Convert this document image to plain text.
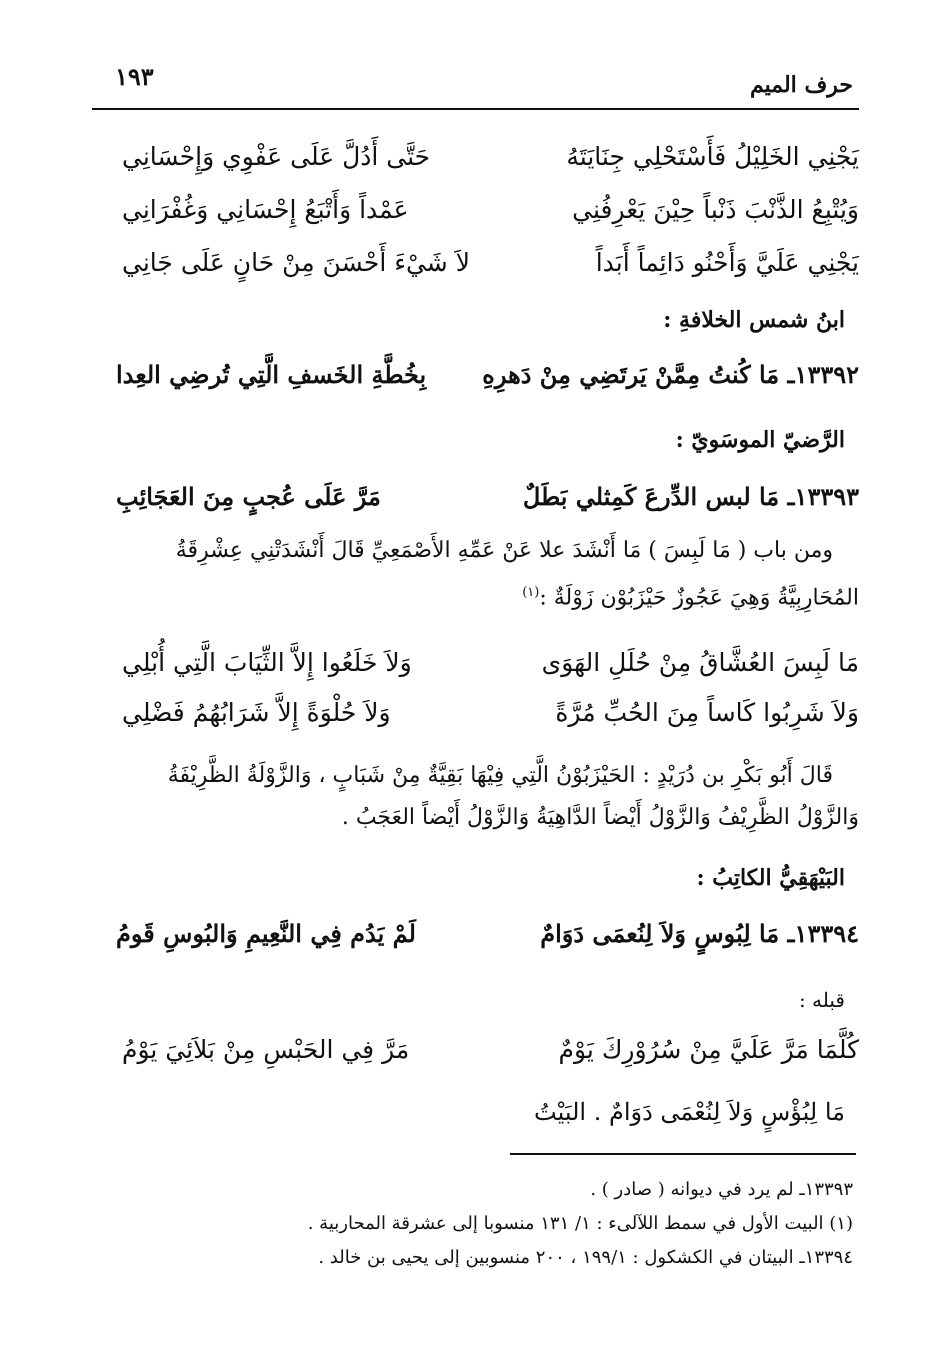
حرف الميم
١٩٣
يَجْنِي الخَلِيْلُ فَأَسْتَحْلِي جِنَايَتَهُ
حَتَّى أَدُلَّ عَلَى عَفْوِي وَإِحْسَانِي
وَيُتْبِعُ الذَّنْبَ ذَنْباً حِيْنَ يَعْرِفُنِي
عَمْداً وَأَتْبَعُ إِحْسَانِي وَغُفْرَانِي
يَجْنِي عَلَيَّ وَأَحْنُو دَائِماً أَبَداً
لاَ شَيْءَ أَحْسَنَ مِنْ حَانٍ عَلَى جَانِي
ابنُ شمس الخلافةِ :
١٣٣٩٢ـ مَا كُنتُ مِمَّنْ يَرتَضِي مِنْ دَهرِهِ
بِخُطَّةِ الخَسفِ الَّتِي تُرضِي العِدا
الرَّضيّ الموسَويّ :
١٣٣٩٣ـ مَا لبس الدِّرعَ كَمِثلي بَطَلٌ
مَرَّ عَلَى عُجبٍ مِنَ العَجَائِبِ
ومن باب ( مَا لَبِسَ ) مَا أَنْشَدَ علا عَنْ عَمِّهِ الأَصْمَعِيِّ قَالَ أَنْشَدَتْنِي عِشْرِقَةُ
المُحَارِبِيَّةُ وَهِيَ عَجُوزٌ حَيْزَبُوْن زَوْلَةٌ :$^{(١)}$
مَا لَبِسَ العُشَّاقُ مِنْ حُلَلِ الهَوَى
وَلاَ خَلَعُوا إِلاَّ الثِّيَابَ الَّتِي أُبْلِي
وَلاَ شَرِبُوا كَاساً مِنَ الحُبِّ مُرَّةً
وَلاَ حُلْوَةً إِلاَّ شَرَابُهُمُ فَضْلِي
قَالَ أَبُو بَكْرِ بن دُرَيْدٍ : الحَيْزَبُوْنُ الَّتِي فِيْهَا بَقِيَّةٌ مِنْ شَبَابٍ ، وَالزَّوْلَةُ الظَّرِيْفَةُ
وَالزَّوْلُ الظَّرِيْفُ وَالزَّوْلُ أَيْضاً الدَّاهِيَةُ وَالزَّوْلُ أَيْضاً العَجَبُ .
البَيْهَقِيُّ الكاتِبُ :
١٣٣٩٤ـ مَا لِبُوسٍ وَلاَ لِنُعمَى دَوَامٌ
لَمْ يَدُم فِي النَّعِيمِ وَالبُوسِ قَومُ
قبله :
كُلَّمَا مَرَّ عَلَيَّ مِنْ سُرُوْرِكَ يَوْمٌ
مَرَّ فِي الحَبْسِ مِنْ بَلاَئِيَ يَوْمُ
مَا لِبُؤْسٍ وَلاَ لِنُعْمَى دَوَامٌ . البَيْتُ
١٣٣٩٣ـ لم يرد في ديوانه ( صادر ) .
(١) البيت الأول في سمط اللآلىء : ١/ ١٣١ منسوبا إلى عشرقة المحاربية .
١٣٣٩٤ـ البيتان في الكشكول : ١٩٩/١ ، ٢٠٠ منسوبين إلى يحيى بن خالد .
